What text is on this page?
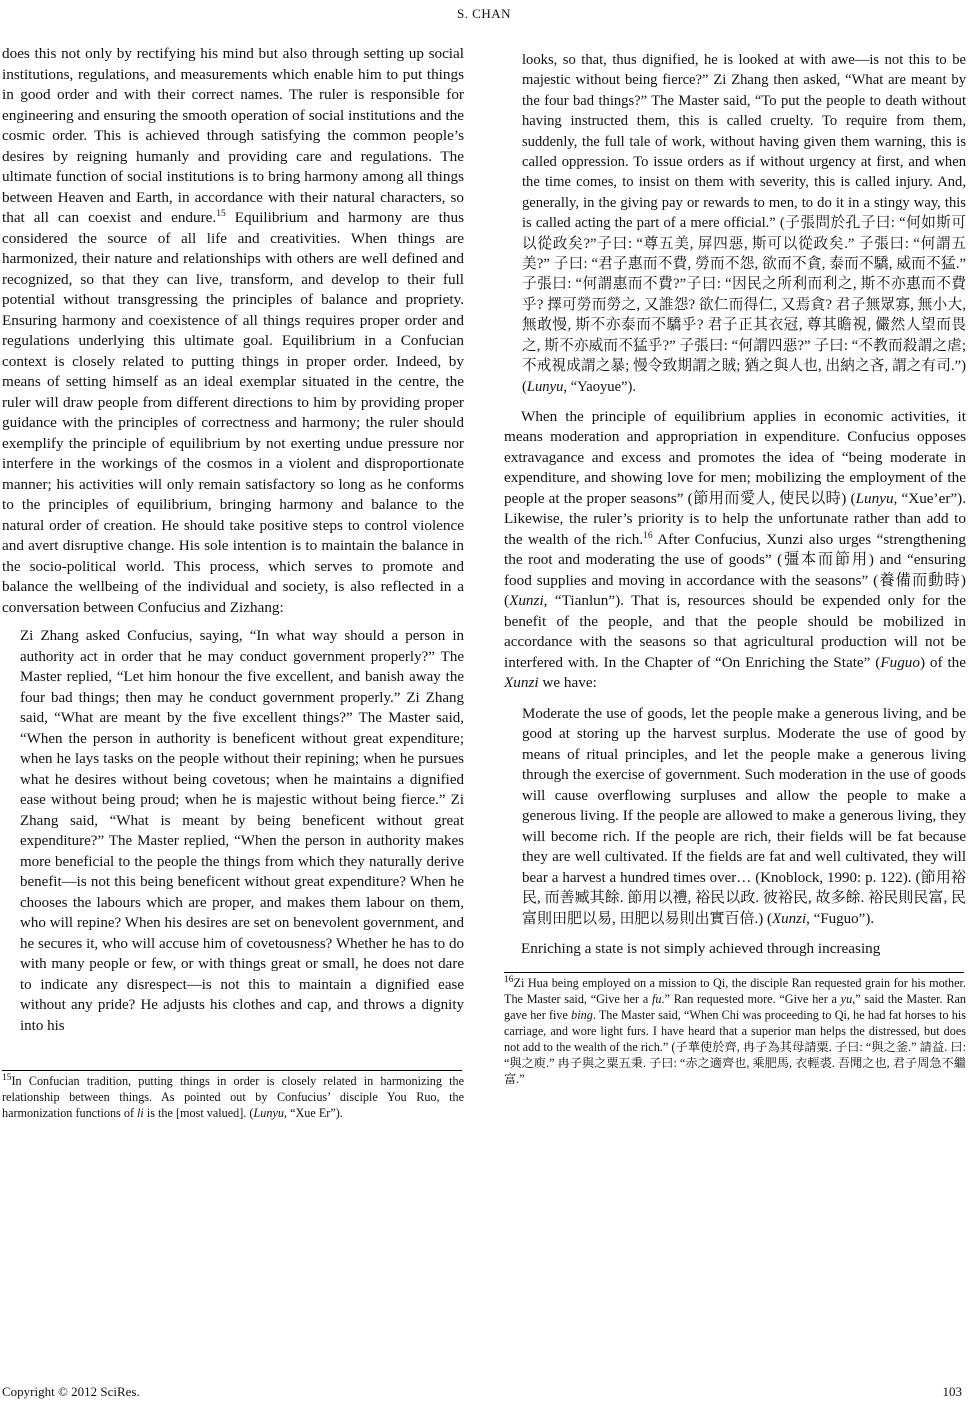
S. CHAN

does this not only by rectifying his mind but also through setting up social institutions, regulations, and measurements which enable him to put things in good order and with their correct names. The ruler is responsible for engineering and ensuring the smooth operation of social institutions and the cosmic order. This is achieved through satisfying the common people’s desires by reigning humanly and providing care and regulations. The ultimate function of social institutions is to bring harmony among all things between Heaven and Earth, in accordance with their natural characters, so that all can coexist and endure.$^{15}$ Equilibrium and harmony are thus considered the source of all life and creativities. When things are harmonized, their nature and relationships with others are well defined and recognized, so that they can live, transform, and develop to their full potential without transgressing the principles of balance and propriety. Ensuring harmony and coexistence of all things requires proper order and regulations underlying this ultimate goal. Equilibrium in a Confucian context is closely related to putting things in proper order. Indeed, by means of setting himself as an ideal exemplar situated in the centre, the ruler will draw people from different directions to him by providing proper guidance with the principles of correctness and harmony; the ruler should exemplify the principle of equilibrium by not exerting undue pressure nor interfere in the workings of the cosmos in a violent and disproportionate manner; his activities will only remain satisfactory so long as he conforms to the principles of equilibrium, bringing harmony and balance to the natural order of creation. He should take positive steps to control violence and avert disruptive change. His sole intention is to maintain the balance in the socio-political world. This process, which serves to promote and balance the wellbeing of the individual and society, is also reflected in a conversation between Confucius and Zizhang:

Zi Zhang asked Confucius, saying, “In what way should a person in authority act in order that he may conduct government properly?” The Master replied, “Let him honour the five excellent, and banish away the four bad things; then may he conduct government properly.” Zi Zhang said, “What are meant by the five excellent things?” The Master said, “When the person in authority is beneficent without great expenditure; when he lays tasks on the people without their repining; when he pursues what he desires without being covetous; when he maintains a dignified ease without being proud; when he is majestic without being fierce.” Zi Zhang said, “What is meant by being beneficent without great expenditure?” The Master replied, “When the person in authority makes more beneficial to the people the things from which they naturally derive benefit—is not this being beneficent without great expenditure? When he chooses the labours which are proper, and makes them labour on them, who will repine? When his desires are set on benevolent government, and he secures it, who will accuse him of covetousness? Whether he has to do with many people or few, or with things great or small, he does not dare to indicate any disrespect—is not this to maintain a dignified ease without any pride? He adjusts his clothes and cap, and throws a dignity into his

$^{15}$In Confucian tradition, putting things in order is closely related in harmonizing the relationship between things. As pointed out by Confucius’ disciple You Ruo, the harmonization functions of li is the [most valued]. (Lunyu, “Xue Er”).

looks, so that, thus dignified, he is looked at with awe—is not this to be majestic without being fierce?” Zi Zhang then asked, “What are meant by the four bad things?” The Master said, “To put the people to death without having instructed them, this is called cruelty. To require from them, suddenly, the full tale of work, without having given them warning, this is called oppression. To issue orders as if without urgency at first, and when the time comes, to insist on them with severity, this is called injury. And, generally, in the giving pay or rewards to men, to do it in a stingy way, this is called acting the part of a mere official.” (子張問於孔子曰: “何如斯可以從政矣?”子曰: “尊五美, 屏四惡, 斯可以從政矣.” 子張曰: “何謂五美?” 子曰: “君子惠而不費, 勞而不怨, 欲而不貪, 泰而不驕, 威而不猛.” 子張曰: “何謂惠而不費?”子曰: “因民之所利而利之, 斯不亦惠而不費乎? 擇可勞而勞之, 又誰怨? 欲仁而得仁, 又焉貪? 君子無眾寡, 無小大, 無敢慢, 斯不亦泰而不驕乎? 君子正其衣冠, 尊其瞻視, 儼然人望而畏之, 斯不亦威而不猛乎?” 子張曰: “何謂四惡?” 子曰: “不教而殺謂之虐; 不戒視成謂之暴; 慢令致期謂之賊; 猶之與人也, 出納之吝, 謂之有司.”) (Lunyu, “Yaoyue”).

When the principle of equilibrium applies in economic activities, it means moderation and appropriation in expenditure. Confucius opposes extravagance and excess and promotes the idea of “being moderate in expenditure, and showing love for men; mobilizing the employment of the people at the proper seasons” (節用而愛人, 使民以時) (Lunyu, “Xue’er”). Likewise, the ruler’s priority is to help the unfortunate rather than add to the wealth of the rich.$^{16}$ After Confucius, Xunzi also urges “strengthening the root and moderating the use of goods” (彊本而節用) and “ensuring food supplies and moving in accordance with the seasons” (養備而動時) (Xunzi, “Tianlun”). That is, resources should be expended only for the benefit of the people, and that the people should be mobilized in accordance with the seasons so that agricultural production will not be interfered with. In the Chapter of “On Enriching the State” (Fuguo) of the Xunzi we have:

Moderate the use of goods, let the people make a generous living, and be good at storing up the harvest surplus. Moderate the use of good by means of ritual principles, and let the people make a generous living through the exercise of government. Such moderation in the use of goods will cause overflowing surpluses and allow the people to make a generous living. If the people are allowed to make a generous living, they will become rich. If the people are rich, their fields will be fat because they are well cultivated. If the fields are fat and well cultivated, they will bear a harvest a hundred times over… (Knoblock, 1990: p. 122). (節用裕民, 而善臧其餘. 節用以禮, 裕民以政. 彼裕民, 故多餘. 裕民則民富, 民富則田肥以易, 田肥以易則出實百倍.) (Xunzi, “Fuguo”).

Enriching a state is not simply achieved through increasing

$^{16}$Zi Hua being employed on a mission to Qi, the disciple Ran requested grain for his mother. The Master said, “Give her a fu.” Ran requested more. “Give her a yu,” said the Master. Ran gave her five bing. The Master said, “When Chi was proceeding to Qi, he had fat horses to his carriage, and wore light furs. I have heard that a superior man helps the distressed, but does not add to the wealth of the rich.” (子華使於齊, 冉子為其母請粟. 子曰: “與之釜.” 請益. 曰: “與之庾.” 冉子與之粟五秉. 子曰: “赤之適齊也, 乘肥馬, 衣輕裘. 吾聞之也, 君子周急不繼富.”

Copyright © 2012 SciRes.	103
